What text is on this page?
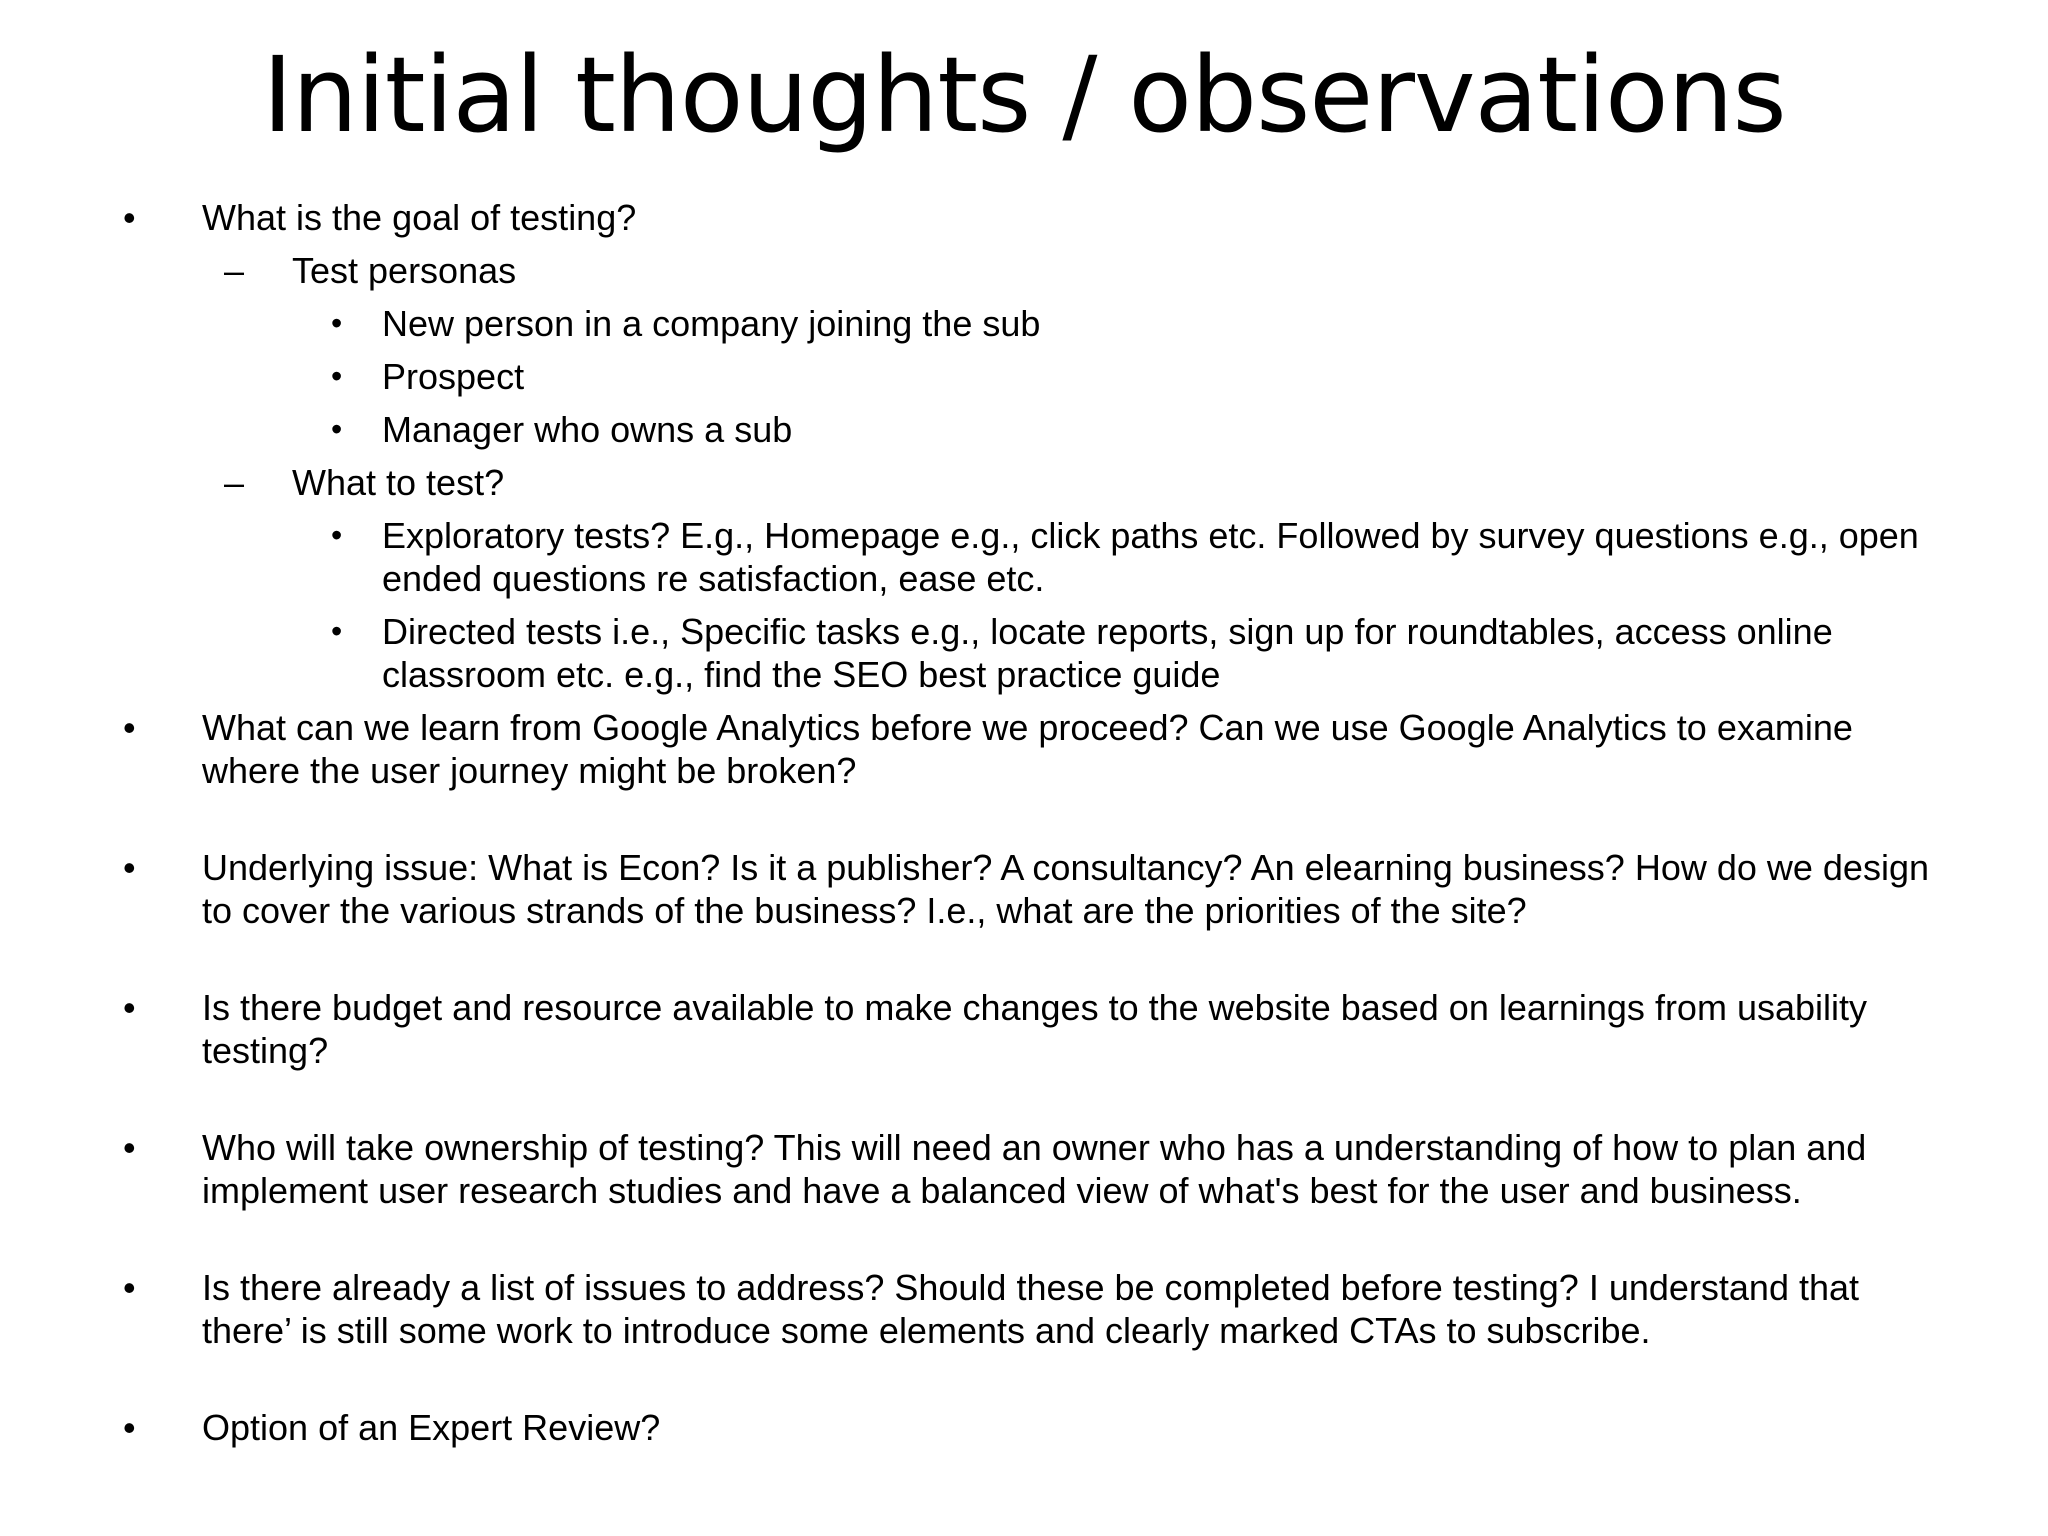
Initial thoughts / observations
• What is the goal of testing?
– Test personas
• New person in a company joining the sub
• Prospect
• Manager who owns a sub
– What to test?
• Exploratory tests? E.g., Homepage e.g., click paths etc. Followed by survey questions e.g., open ended questions re satisfaction, ease etc.
• Directed tests i.e., Specific tasks e.g., locate reports, sign up for roundtables, access online classroom etc. e.g., find the SEO best practice guide
• What can we learn from Google Analytics before we proceed? Can we use Google Analytics to examine where the user journey might be broken?
• Underlying issue: What is Econ? Is it a publisher? A consultancy? An elearning business? How do we design to cover the various strands of the business? I.e., what are the priorities of the site?
• Is there budget and resource available to make changes to the website based on learnings from usability testing?
• Who will take ownership of testing? This will need an owner who has a understanding of how to plan and implement user research studies and have a balanced view of what's best for the user and business.
• Is there already a list of issues to address? Should these be completed before testing? I understand that there’ is still some work to introduce some elements and clearly marked CTAs to subscribe.
• Option of an Expert Review?
